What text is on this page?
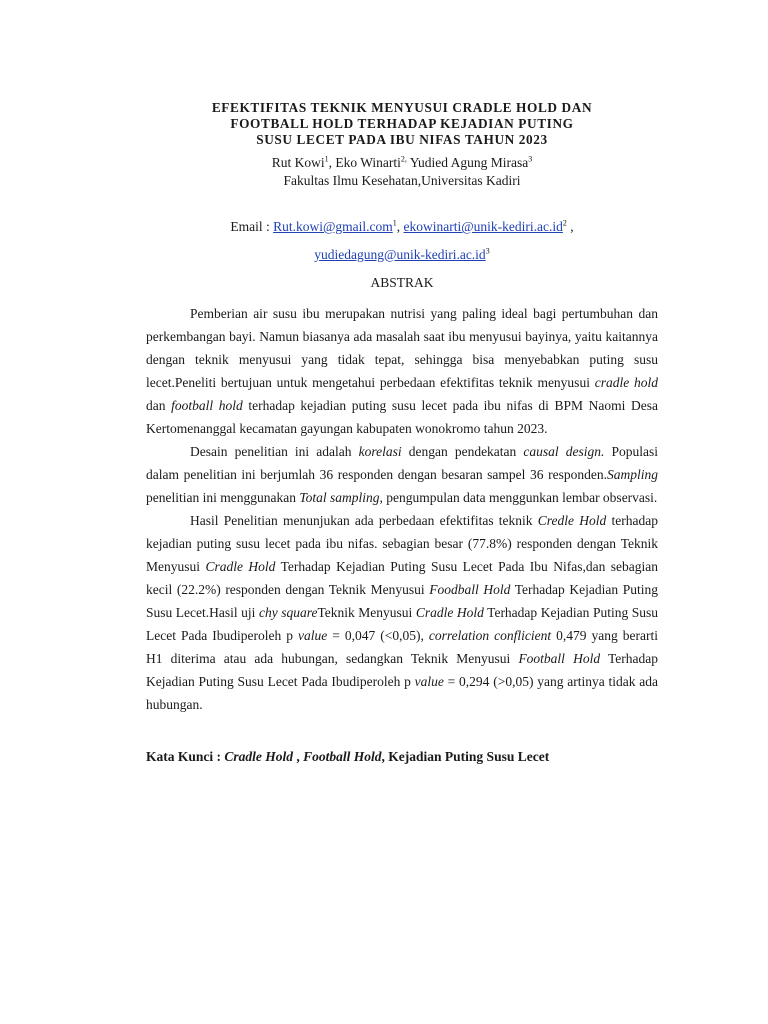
EFEKTIFITAS TEKNIK MENYUSUI CRADLE HOLD DAN
FOOTBALL HOLD TERHADAP KEJADIAN PUTING
SUSU LECET PADA IBU NIFAS TAHUN 2023
Rut Kowi$^1$, Eko Winarti$^{2,}$ Yudied Agung Mirasa$^3$
Fakultas Ilmu Kesehatan,Universitas Kadiri
Email : Rut.kowi@gmail.com$^1$, $ekowinarti@unik-kediri.ac.id^2$ ,
$yudiedagung@unik-kediri.ac.id^3$
ABSTRAK

Pemberian air susu ibu merupakan nutrisi yang paling ideal bagi pertumbuhan dan perkembangan bayi. Namun biasanya ada masalah saat ibu menyusui bayinya, yaitu kaitannya dengan teknik menyusui yang tidak tepat, sehingga bisa menyebabkan puting susu lecet.Peneliti bertujuan untuk mengetahui perbedaan efektifitas teknik menyusui cradle hold dan football hold terhadap kejadian puting susu lecet pada ibu nifas di BPM Naomi Desa Kertomenanggal kecamatan gayungan kabupaten wonokromo tahun 2023.

Desain penelitian ini adalah korelasi dengan pendekatan causal design. Populasi dalam penelitian ini berjumlah 36 responden dengan besaran sampel 36 responden.Sampling penelitian ini menggunakan Total sampling, pengumpulan data menggunkan lembar observasi.

Hasil Penelitian menunjukan ada perbedaan efektifitas teknik Credle Hold terhadap kejadian puting susu lecet pada ibu nifas. sebagian besar (77.8%) responden dengan Teknik Menyusui Cradle Hold Terhadap Kejadian Puting Susu Lecet Pada Ibu Nifas,dan sebagian kecil (22.2%) responden dengan Teknik Menyusui Foodball Hold Terhadap Kejadian Puting Susu Lecet.Hasil uji chy squareTeknik Menyusui Cradle Hold Terhadap Kejadian Puting Susu Lecet Pada Ibudiperoleh p value = 0,047 (<0,05), correlation conflicient 0,479 yang berarti H1 diterima atau ada hubungan, sedangkan Teknik Menyusui Football Hold Terhadap Kejadian Puting Susu Lecet Pada Ibudiperoleh p value = 0,294 (>0,05) yang artinya tidak ada hubungan.

Kata Kunci : Cradle Hold , Football Hold, Kejadian Puting Susu Lecet
